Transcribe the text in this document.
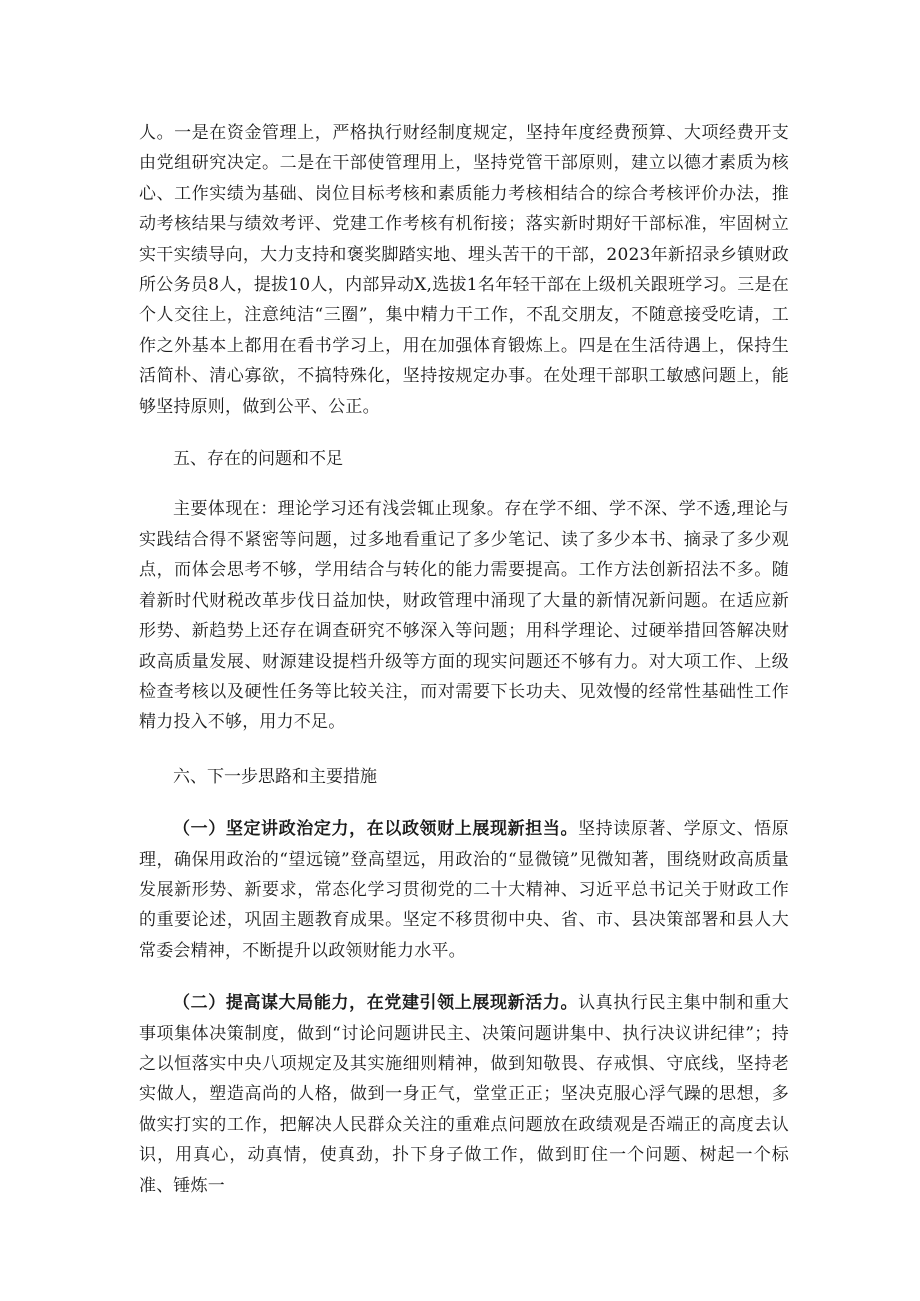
人。一是在资金管理上，严格执行财经制度规定，坚持年度经费预算、大项经费开支由党组研究决定。二是在干部使管理用上，坚持党管干部原则，建立以德才素质为核心、工作实绩为基础、岗位目标考核和素质能力考核相结合的综合考核评价办法，推动考核结果与绩效考评、党建工作考核有机衔接；落实新时期好干部标准，牢固树立实干实绩导向，大力支持和褒奖脚踏实地、埋头苦干的干部，2023年新招录乡镇财政所公务员8人，提拔10人，内部异动X,选拔1名年轻干部在上级机关跟班学习。三是在个人交往上，注意纯洁“三圈”，集中精力干工作，不乱交朋友，不随意接受吃请，工作之外基本上都用在看书学习上，用在加强体育锻炼上。四是在生活待遇上，保持生活简朴、清心寡欲，不搞特殊化，坚持按规定办事。在处理干部职工敏感问题上，能够坚持原则，做到公平、公正。

五、存在的问题和不足

主要体现在：理论学习还有浅尝辄止现象。存在学不细、学不深、学不透,理论与实践结合得不紧密等问题，过多地看重记了多少笔记、读了多少本书、摘录了多少观点，而体会思考不够，学用结合与转化的能力需要提高。工作方法创新招法不多。随着新时代财税改革步伐日益加快，财政管理中涌现了大量的新情况新问题。在适应新形势、新趋势上还存在调查研究不够深入等问题；用科学理论、过硬举措回答解决财政高质量发展、财源建设提档升级等方面的现实问题还不够有力。对大项工作、上级检查考核以及硬性任务等比较关注，而对需要下长功夫、见效慢的经常性基础性工作精力投入不够，用力不足。

六、下一步思路和主要措施

（一）坚定讲政治定力，在以政领财上展现新担当。坚持读原著、学原文、悟原理，确保用政治的“望远镜”登高望远，用政治的“显微镜”见微知著，围绕财政高质量发展新形势、新要求，常态化学习贯彻党的二十大精神、习近平总书记关于财政工作的重要论述，巩固主题教育成果。坚定不移贯彻中央、省、市、县决策部署和县人大常委会精神，不断提升以政领财能力水平。

（二）提高谋大局能力，在党建引领上展现新活力。认真执行民主集中制和重大事项集体决策制度，做到“讨论问题讲民主、决策问题讲集中、执行决议讲纪律”；持之以恒落实中央八项规定及其实施细则精神，做到知敬畏、存戒惧、守底线，坚持老实做人，塑造高尚的人格，做到一身正气，堂堂正正；坚决克服心浮气躁的思想，多做实打实的工作，把解决人民群众关注的重难点问题放在政绩观是否端正的高度去认识，用真心，动真情，使真劲，扑下身子做工作，做到盯住一个问题、树起一个标准、锤炼一
